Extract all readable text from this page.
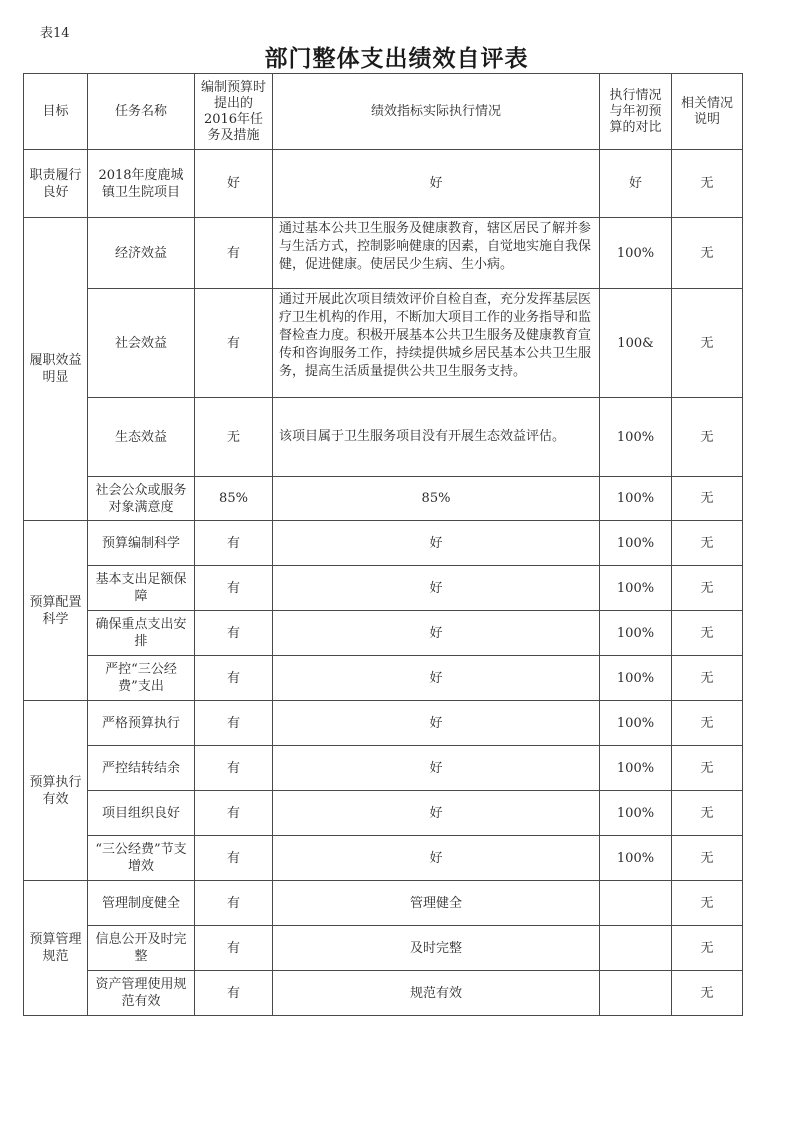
表14
部门整体支出绩效自评表
目标	任务名称	编制预算时提出的2016年任务及措施	绩效指标实际执行情况	执行情况与年初预算的对比	相关情况说明
职责履行良好	2018年度鹿城镇卫生院项目	好	好	好	无
履职效益明显	经济效益	有	通过基本公共卫生服务及健康教育，辖区居民了解并参与生活方式，控制影响健康的因素，自觉地实施自我保健，促进健康。使居民少生病、生小病。	100%	无
	社会效益	有	通过开展此次项目绩效评价自检自查，充分发挥基层医疗卫生机构的作用，不断加大项目工作的业务指导和监督检查力度。积极开展基本公共卫生服务及健康教育宣传和咨询服务工作，持续提供城乡居民基本公共卫生服务，提高生活质量提供公共卫生服务支持。	100&	无
	生态效益	无	该项目属于卫生服务项目没有开展生态效益评估。	100%	无
	社会公众或服务对象满意度	85%	85%	100%	无
预算配置科学	预算编制科学	有	好	100%	无
	基本支出足额保障	有	好	100%	无
	确保重点支出安排	有	好	100%	无
	严控“三公经费”支出	有	好	100%	无
预算执行有效	严格预算执行	有	好	100%	无
	严控结转结余	有	好	100%	无
	项目组织良好	有	好	100%	无
	“三公经费”节支增效	有	好	100%	无
预算管理规范	管理制度健全	有	管理健全		无
	信息公开及时完整	有	及时完整		无
	资产管理使用规范有效	有	规范有效		无
